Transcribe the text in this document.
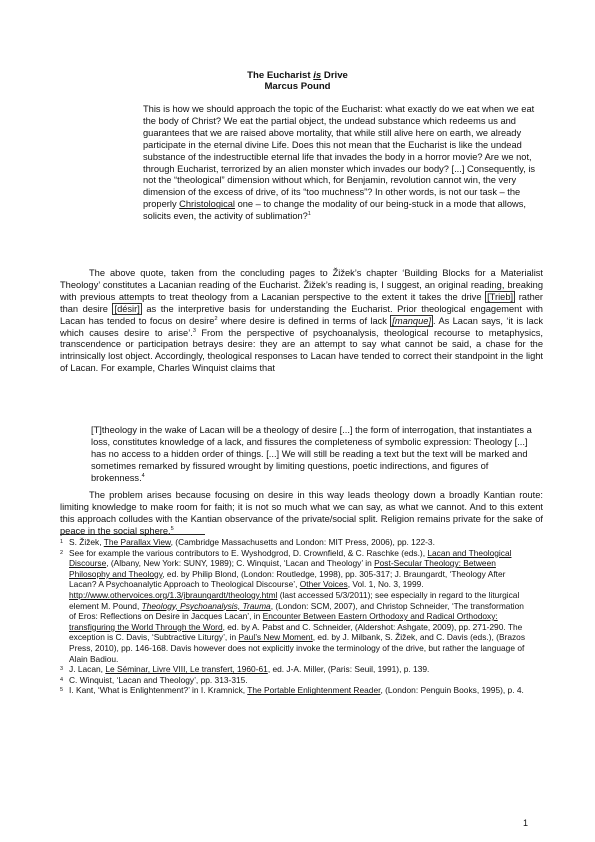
The Eucharist is Drive
Marcus Pound
This is how we should approach the topic of the Eucharist: what exactly do we eat when we eat the body of Christ? We eat the partial object, the undead substance which redeems us and guarantees that we are raised above mortality, that while still alive here on earth, we already participate in the eternal divine Life. Does this not mean that the Eucharist is like the undead substance of the indestructible eternal life that invades the body in a horror movie? Are we not, through Eucharist, terrorized by an alien monster which invades our body? [...] Consequently, is not the “theological” dimension without which, for Benjamin, revolution cannot win, the very dimension of the excess of drive, of its “too muchness”? In other words, is not our task – the properly Christological one – to change the modality of our being-stuck in a mode that allows, solicits even, the activity of sublimation?$^1$
The above quote, taken from the concluding pages to Žižek’s chapter ‘Building Blocks for a Materialist Theology’ constitutes a Lacanian reading of the Eucharist. Žižek’s reading is, I suggest, an original reading, breaking with previous attempts to treat theology from a Lacanian perspective to the extent it takes the drive [Trieb] rather than desire [désir] as the interpretive basis for understanding the Eucharist. Prior theological engagement with Lacan has tended to focus on desire$^2$ where desire is defined in terms of lack [manque] . As Lacan says, ‘it is lack which causes desire to arise’.$^3$ From the perspective of psychoanalysis, theological recourse to metaphysics, transcendence or participation betrays desire: they are an attempt to say what cannot be said, a chase for the intrinsically lost object. Accordingly, theological responses to Lacan have tended to correct their standpoint in the light of Lacan. For example, Charles Winquist claims that
[T]theology in the wake of Lacan will be a theology of desire [...] the form of interrogation, that instantiates a loss, constitutes knowledge of a lack, and fissures the completeness of symbolic expression: Theology [...] has no access to a hidden order of things. [...] We will still be reading a text but the text will be marked and sometimes remarked by fissured wrought by limiting questions, poetic indirections, and figures of brokenness.$^4$
The problem arises because focusing on desire in this way leads theology down a broadly Kantian route: limiting knowledge to make room for faith; it is not so much what we can say, as what we cannot. And to this extent this approach colludes with the Kantian observance of the private/social split. Religion remains private for the sake of peace in the social sphere.$^5$
1 S. Žižek, The Parallax View, (Cambridge Massachusetts and London: MIT Press, 2006), pp. 122-3.
2 See for example the various contributors to E. Wyshodgrod, D. Crownfield, & C. Raschke (eds.), Lacan and Theological Discourse, (Albany, New York: SUNY, 1989); C. Winquist, ‘Lacan and Theology’ in Post-Secular Theology: Between Philosophy and Theology, ed. by Philip Blond, (London: Routledge, 1998), pp. 305-317; J. Braungardt, ‘Theology After Lacan? A Psychoanalytic Approach to Theological Discourse’, Other Voices, Vol. 1, No. 3, 1999. http://www.othervoices.org/1.3/jbraungardt/theology.html (last accessed 5/3/2011); see especially in regard to the liturgical element M. Pound, Theology, Psychoanalysis, Trauma, (London: SCM, 2007), and Christop Schneider, ‘The transformation of Eros: Reflections on Desire in Jacques Lacan’, in Encounter Between Eastern Orthodoxy and Radical Orthodoxy: transfiguring the World Through the Word, ed. by A. Pabst and C. Schneider, (Aldershot: Ashgate, 2009), pp. 271-290. The exception is C. Davis, ‘Subtractive Liturgy’, in Paul’s New Moment, ed. by J. Milbank, S. Žižek, and C. Davis (eds.), (Brazos Press, 2010), pp. 146-168. Davis however does not explicitly invoke the terminology of the drive, but rather the language of Alain Badiou.
3 J. Lacan, Le Séminar, Livre VIII, Le transfert, 1960-61, ed. J-A. Miller, (Paris: Seuil, 1991), p. 139.
4 C. Winquist, ‘Lacan and Theology’, pp. 313-315.
5 I. Kant, ‘What is Enlightenment?’ in I. Kramnick, The Portable Enlightenment Reader, (London: Penguin Books, 1995), p. 4.
1
